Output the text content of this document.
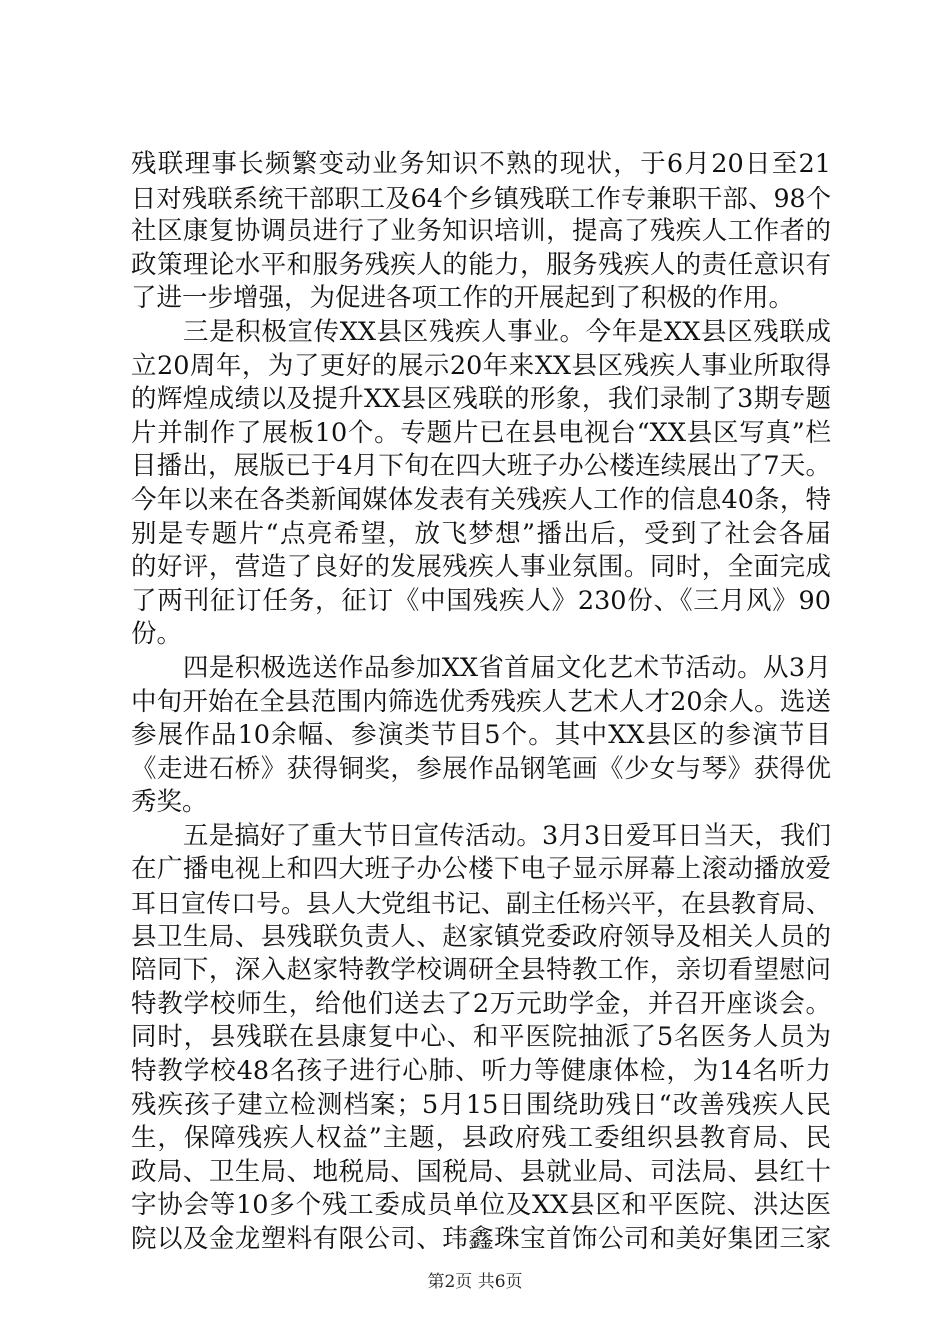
残联理事长频繁变动业务知识不熟的现状，于6月20日至21
日对残联系统干部职工及64个乡镇残联工作专兼职干部、98个
社区康复协调员进行了业务知识培训，提高了残疾人工作者的
政策理论水平和服务残疾人的能力，服务残疾人的责任意识有
了进一步增强，为促进各项工作的开展起到了积极的作用。
三是积极宣传XX县区残疾人事业。今年是XX县区残联成
立20周年，为了更好的展示20年来XX县区残疾人事业所取得
的辉煌成绩以及提升XX县区残联的形象，我们录制了3期专题
片并制作了展板10个。专题片已在县电视台“XX县区写真”栏
目播出，展版已于4月下旬在四大班子办公楼连续展出了7天。
今年以来在各类新闻媒体发表有关残疾人工作的信息40条，特
别是专题片“点亮希望，放飞梦想”播出后，受到了社会各届
的好评，营造了良好的发展残疾人事业氛围。同时，全面完成
了两刊征订任务，征订《中国残疾人》230份、《三月风》90
份。
四是积极选送作品参加XX省首届文化艺术节活动。从3月
中旬开始在全县范围内筛选优秀残疾人艺术人才20余人。选送
参展作品10余幅、参演类节目5个。其中XX县区的参演节目
《走进石桥》获得铜奖，参展作品钢笔画《少女与琴》获得优
秀奖。
五是搞好了重大节日宣传活动。3月3日爱耳日当天，我们
在广播电视上和四大班子办公楼下电子显示屏幕上滚动播放爱
耳日宣传口号。县人大党组书记、副主任杨兴平，在县教育局、
县卫生局、县残联负责人、赵家镇党委政府领导及相关人员的
陪同下，深入赵家特教学校调研全县特教工作，亲切看望慰问
特教学校师生，给他们送去了2万元助学金，并召开座谈会。
同时，县残联在县康复中心、和平医院抽派了5名医务人员为
特教学校48名孩子进行心肺、听力等健康体检，为14名听力
残疾孩子建立检测档案；5月15日围绕助残日“改善残疾人民
生，保障残疾人权益”主题，县政府残工委组织县教育局、民
政局、卫生局、地税局、国税局、县就业局、司法局、县红十
字协会等10多个残工委成员单位及XX县区和平医院、洪达医
院以及金龙塑料有限公司、玮鑫珠宝首饰公司和美好集团三家
第2页 共6页
